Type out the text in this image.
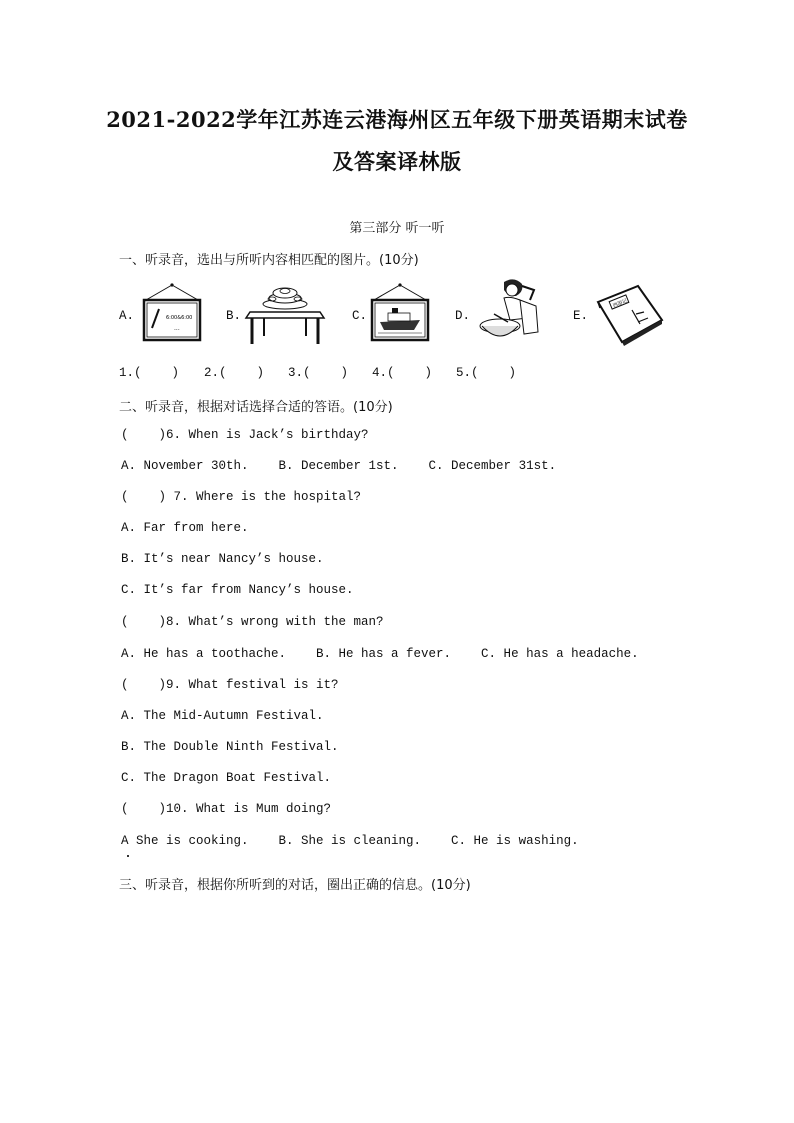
2021-2022学年江苏连云港海州区五年级下册英语期末试卷
及答案译林版
第三部分 听一听
一、听录音，选出与所听内容相匹配的图片。(10分)
A.	B.	C.	D.	E.
6:00&6:00
...
西游记
1.(    ) 2.(    ) 3.(    ) 4.(    ) 5.(    )
二、听录音，根据对话选择合适的答语。(10分)
(    )6. When is Jack’s birthday?
A. November 30th.    B. December 1st.    C. December 31st.
(    ) 7. Where is the hospital?
A. Far from here.
B. It’s near Nancy’s house.
C. It’s far from Nancy’s house.
(    )8. What’s wrong with the man?
A. He has a toothache.    B. He has a fever.    C. He has a headache.
(    )9. What festival is it?
A. The Mid-Autumn Festival.
B. The Double Ninth Festival.
C. The Dragon Boat Festival.
(    )10. What is Mum doing?
A She is cooking.    B. She is cleaning.    C. He is washing.
三、听录音，根据你所听到的对话，圈出正确的信息。(10分)
